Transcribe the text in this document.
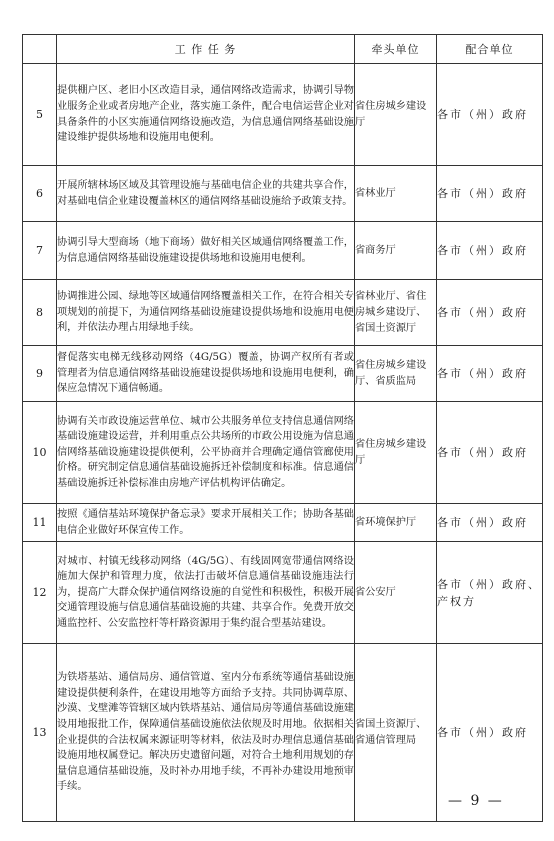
	工 作 任 务	牵头单位	配合单位
5	提供棚户区、老旧小区改造目录，通信网络改造需求，协调引导物业服务企业或者房地产企业，落实施工条件，配合电信运营企业对具备条件的小区实施通信网络设施改造，为信息通信网络基础设施建设维护提供场地和设施用电便利。	省住房城乡建设厅	各市（州）政府
6	开展所辖林场区域及其管理设施与基础电信企业的共建共享合作，对基础电信企业建设覆盖林区的通信网络基础设施给予政策支持。	省林业厅	各市（州）政府
7	协调引导大型商场（地下商场）做好相关区域通信网络覆盖工作，为信息通信网络基础设施建设提供场地和设施用电便利。	省商务厅	各市（州）政府
8	协调推进公园、绿地等区域通信网络覆盖相关工作，在符合相关专项规划的前提下，为通信网络基础设施建设提供场地和设施用电便利，并依法办理占用绿地手续。	省林业厅、省住房城乡建设厅、省国土资源厅	各市（州）政府
9	督促落实电梯无线移动网络（4G/5G）覆盖，协调产权所有者或管理者为信息通信网络基础设施建设提供场地和设施用电便利，确保应急情况下通信畅通。	省住房城乡建设厅、省质监局	各市（州）政府
10	协调有关市政设施运营单位、城市公共服务单位支持信息通信网络基础设施建设运营，并利用重点公共场所的市政公用设施为信息通信网络基础设施建设提供便利，公平协商并合理确定通信管廊使用价格。研究制定信息通信基础设施拆迁补偿制度和标准。信息通信基础设施拆迁补偿标准由房地产评估机构评估确定。	省住房城乡建设厅	各市（州）政府
11	按照《通信基站环境保护备忘录》要求开展相关工作；协助各基础电信企业做好环保宣传工作。	省环境保护厅	各市（州）政府
12	对城市、村镇无线移动网络（4G/5G）、有线固网宽带通信网络设施加大保护和管理力度，依法打击破坏信息通信基础设施违法行为，提高广大群众保护通信网络设施的自觉性和积极性，积极开展交通管理设施与信息通信基础设施的共建、共享合作。免费开放交通监控杆、公安监控杆等杆路资源用于集约混合型基站建设。	省公安厅	各市（州）政府、产权方
13	为铁塔基站、通信局房、通信管道、室内分布系统等通信基础设施建设提供便利条件，在建设用地等方面给予支持。共同协调草原、沙漠、戈壁滩等管辖区域内铁塔基站、通信局房等通信基础设施建设用地报批工作，保障通信基础设施依法依规及时用地。依据相关企业提供的合法权属来源证明等材料，依法及时办理信息通信基础设施用地权属登记。解决历史遗留问题，对符合土地利用规划的存量信息通信基础设施，及时补办用地手续，不再补办建设用地预审手续。	省国土资源厅、省通信管理局	各市（州）政府
— 9 —
